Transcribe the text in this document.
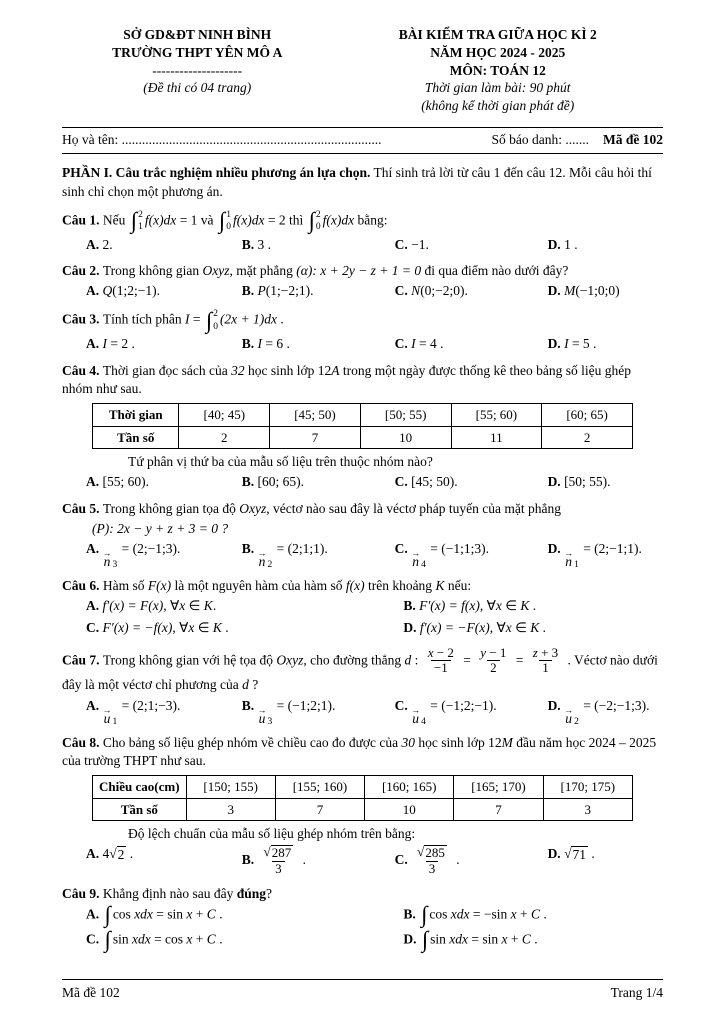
SỞ GD&ĐT NINH BÌNH
TRƯỜNG THPT YÊN MÔ A
--------------------
(Đề thi có 04 trang)
BÀI KIỂM TRA GIỮA HỌC KÌ 2
NĂM HỌC 2024 - 2025
MÔN: TOÁN 12
Thời gian làm bài: 90 phút
(không kể thời gian phát đề)
Họ và tên: .............................................................................	Số báo danh: ....... Mã đề 102
PHẦN I. Câu trắc nghiệm nhiều phương án lựa chọn. Thí sinh trả lời từ câu 1 đến câu 12. Mỗi câu hỏi thí sinh chỉ chọn một phương án.
Câu 1. Nếu ∫ 2
1 f(x)dx = 1 và ∫ 1
0 f(x)dx = 2 thì ∫ 2
0 f(x)dx bằng:
A. 2.	B. 3 .	C. −1.	D. 1 .
Câu 2. Trong không gian Oxyz, mặt phẳng (α): x + 2y − z + 1 = 0 đi qua điểm nào dưới đây?
A. Q(1;2;−1).	B. P(1;−2;1).	C. N(0;−2;0).	D. M(−1;0;0)
Câu 3. Tính tích phân I = ∫ 2
0 (2x + 1)dx .
A. I = 2 .	B. I = 6 .	C. I = 4 .	D. I = 5 .
Câu 4. Thời gian đọc sách của 32 học sinh lớp 12A trong một ngày được thống kê theo bảng số liệu ghép nhóm như sau.
Thời gian	[40; 45)	[45; 50)	[50; 55)	[55; 60)	[60; 65)
Tần số	2	7	10	11	2
Tứ phân vị thứ ba của mẫu số liệu trên thuộc nhóm nào?
A. [55; 60).	B. [60; 65).	C. [45; 50).	D. [50; 55).
Câu 5. Trong không gian tọa độ Oxyz, véctơ nào sau đây là véctơ pháp tuyến của mặt phẳng
(P): 2x − y + z + 3 = 0 ?
A. →
n 3
= (2;−1;3).	B. →
n 2
= (2;1;1).	C. →
n 4
= (−1;1;3).	D. →
n 1
= (2;−1;1).
Câu 6. Hàm số F(x) là một nguyên hàm của hàm số f(x) trên khoảng K nếu:
A. f′(x) = F(x), ∀x ∈ K.	B. F′(x) = f(x), ∀x ∈ K .
C. F′(x) = −f(x), ∀x ∈ K .	D. f′(x) = −F(x), ∀x ∈ K .
Câu 7. Trong không gian với hệ tọa độ Oxyz, cho đường thẳng d : $\frac{x - 2}{-1} = \frac{y - 1}{2} = \frac{z + 3}{1}$ . Véctơ nào dưới đây là một véctơ chỉ phương của d ?
A. →
u 1
= (2;1;−3).	B. →
u 3
= (−1;2;1).	C. →
u 4
= (−1;2;−1).	D. →
u 2
= (−2;−1;3).
Câu 8. Cho bảng số liệu ghép nhóm về chiều cao đo được của 30 học sinh lớp 12M đầu năm học 2024 – 2025 của trường THPT như sau.
Chiều cao(cm)	[150; 155)	[155; 160)	[160; 165)	[165; 170)	[170; 175)
Tần số	3	7	10	7	3
Độ lệch chuẩn của mẫu số liệu ghép nhóm trên bằng:
A. 4 √ 2 .	B. $\frac{√ 287}{3}$ .	C. $\frac{√ 285}{3}$ .	D. √ 71 .
Câu 9. Khẳng định nào sau đây đúng?
A. ∫ cos xdx = sin x + C .	B. ∫ cos xdx = −sin x + C .
C. ∫ sin xdx = cos x + C .	D. ∫ sin xdx = sin x + C .
Mã đề 102	Trang 1/4
